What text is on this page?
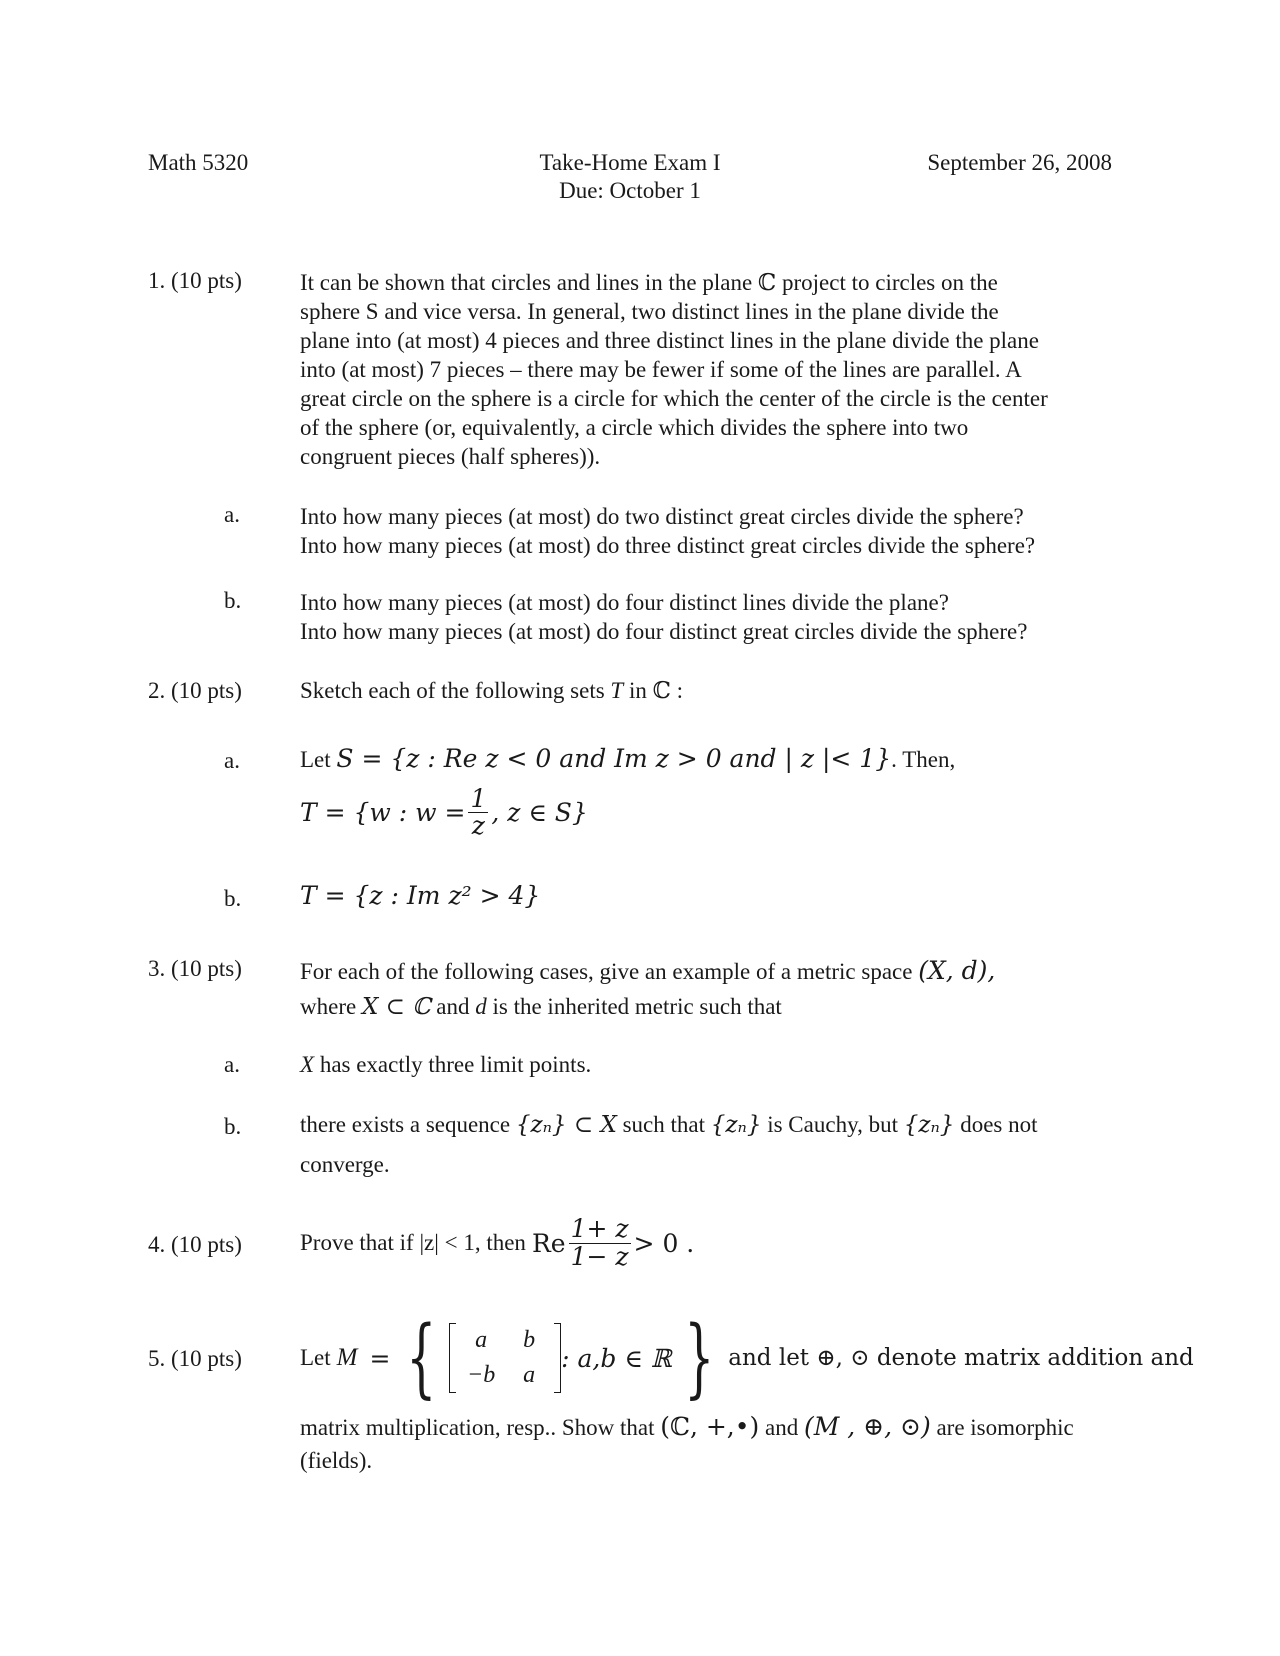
Math 5320	Take-Home Exam I
Due: October 1
September 26, 2008
1. (10 pts)	It can be shown that circles and lines in the plane ℂ project to circles on the
sphere S and vice versa. In general, two distinct lines in the plane divide the
plane into (at most) 4 pieces and three distinct lines in the plane divide the plane
into (at most) 7 pieces – there may be fewer if some of the lines are parallel. A
great circle on the sphere is a circle for which the center of the circle is the center
of the sphere (or, equivalently, a circle which divides the sphere into two
congruent pieces (half spheres)).
a.	Into how many pieces (at most) do two distinct great circles divide the sphere?
Into how many pieces (at most) do three distinct great circles divide the sphere?
b.	Into how many pieces (at most) do four distinct lines divide the plane?
Into how many pieces (at most) do four distinct great circles divide the sphere?
2. (10 pts)	Sketch each of the following sets T in ℂ :
a.	Let S = {z : Re z < 0 and Im z > 0 and | z |< 1}. Then,
T = {w : $w = \frac{1}{z}$ , z ∈ S}
b. T = {z : Im z² > 4}
3. (10 pts)	For each of the following cases, give an example of a metric space (X, d),
where X ⊂ ℂ and d is the inherited metric such that
a.	X has exactly three limit points.
b.	there exists a sequence {zₙ} ⊂ X such that {zₙ} is Cauchy, but {zₙ} does not
converge.
4. (10 pts)	Prove that if |z| < 1, then Re $\frac{1+ z}{1- z} > 0$ .
5. (10 pts)	Let M = {	a	b
−b	a
: a,b ∈ ℝ } and let ⊕, ⊙ denote matrix addition and
matrix multiplication, resp.. Show that (ℂ, +,•) and (M , ⊕, ⊙) are isomorphic
(fields).
